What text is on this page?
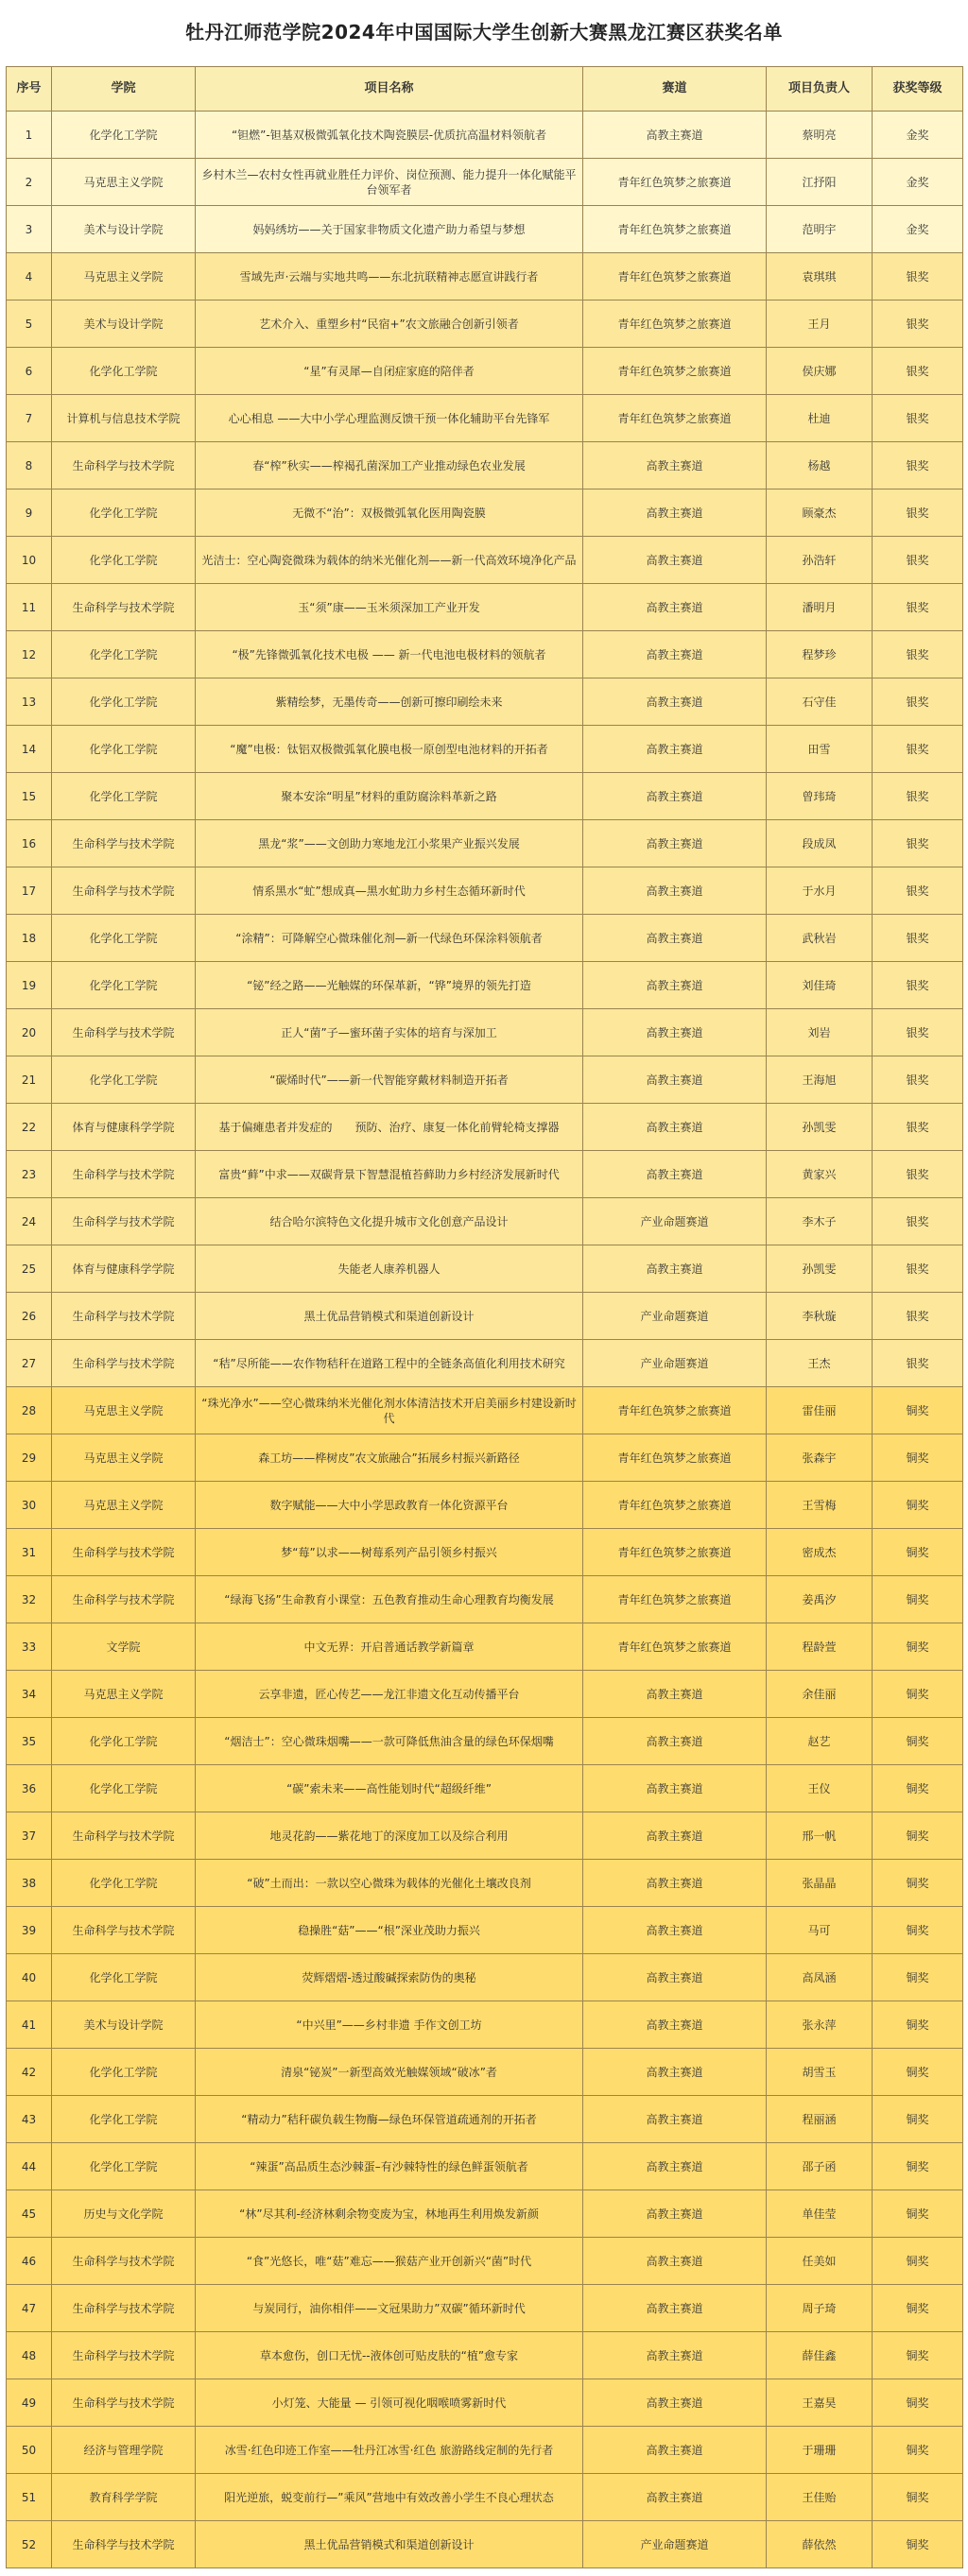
牡丹江师范学院2024年中国国际大学生创新大赛黑龙江赛区获奖名单
序号	学院	项目名称	赛道	项目负责人	获奖等级
1	化学化工学院	“钽燃”-钽基双极微弧氧化技术陶瓷膜层-优质抗高温材料领航者	高教主赛道	蔡明亮	金奖
2	马克思主义学院	乡村木兰—农村女性再就业胜任力评价、岗位预测、能力提升一体化赋能平台领军者	青年红色筑梦之旅赛道	江抒阳	金奖
3	美术与设计学院	妈妈绣坊——关于国家非物质文化遗产助力希望与梦想	青年红色筑梦之旅赛道	范明宇	金奖
4	马克思主义学院	雪域先声·云端与实地共鸣——东北抗联精神志愿宣讲践行者	青年红色筑梦之旅赛道	袁琪琪	银奖
5	美术与设计学院	艺术介入、重塑乡村“民宿+”农文旅融合创新引领者	青年红色筑梦之旅赛道	王月	银奖
6	化学化工学院	“星”有灵犀—自闭症家庭的陪伴者	青年红色筑梦之旅赛道	侯庆娜	银奖
7	计算机与信息技术学院	心心相息 ——大中小学心理监测反馈干预一体化辅助平台先锋军	青年红色筑梦之旅赛道	杜迪	银奖
8	生命科学与技术学院	春“榨”秋实——榨褐孔菌深加工产业推动绿色农业发展	高教主赛道	杨越	银奖
9	化学化工学院	无微不“治”：双极微弧氧化医用陶瓷膜	高教主赛道	顾豪杰	银奖
10	化学化工学院	光洁士：空心陶瓷微珠为载体的纳米光催化剂——新一代高效环境净化产品	高教主赛道	孙浩轩	银奖
11	生命科学与技术学院	玉“须”康——玉米须深加工产业开发	高教主赛道	潘明月	银奖
12	化学化工学院	“极”先锋微弧氧化技术电极 —— 新一代电池电极材料的领航者	高教主赛道	程梦珍	银奖
13	化学化工学院	紫精绘梦，无墨传奇——创新可擦印刷绘未来	高教主赛道	石守佳	银奖
14	化学化工学院	“魔”电极：钛铝双极微弧氧化膜电极一原创型电池材料的开拓者	高教主赛道	田雪	银奖
15	化学化工学院	聚本安涂“明星”材料的重防腐涂料革新之路	高教主赛道	曾玮琦	银奖
16	生命科学与技术学院	黑龙“浆”——文创助力寒地龙江小浆果产业振兴发展	高教主赛道	段成凤	银奖
17	生命科学与技术学院	情系黑水“虻”想成真—黑水虻助力乡村生态循环新时代	高教主赛道	于水月	银奖
18	化学化工学院	“涂精”：可降解空心微珠催化剂—新一代绿色环保涂料领航者	高教主赛道	武秋岩	银奖
19	化学化工学院	“铋”经之路——光触媒的环保革新，“铧”境界的领先打造	高教主赛道	刘佳琦	银奖
20	生命科学与技术学院	正人“菌”子—蜜环菌子实体的培育与深加工	高教主赛道	刘岩	银奖
21	化学化工学院	“碳烯时代”——新一代智能穿戴材料制造开拓者	高教主赛道	王海旭	银奖
22	体育与健康科学学院	基于偏瘫患者并发症的　　预防、治疗、康复一体化前臂轮椅支撑器	高教主赛道	孙凯雯	银奖
23	生命科学与技术学院	富贵“藓”中求——双碳背景下智慧混植苔藓助力乡村经济发展新时代	高教主赛道	黄家兴	银奖
24	生命科学与技术学院	结合哈尔滨特色文化提升城市文化创意产品设计	产业命题赛道	李木子	银奖
25	体育与健康科学学院	失能老人康养机器人	高教主赛道	孙凯雯	银奖
26	生命科学与技术学院	黑土优品营销模式和渠道创新设计	产业命题赛道	李秋璇	银奖
27	生命科学与技术学院	“秸”尽所能——农作物秸秆在道路工程中的全链条高值化利用技术研究	产业命题赛道	王杰	银奖
28	马克思主义学院	“珠光净水”——空心微珠纳米光催化剂水体清洁技术开启美丽乡村建设新时代	青年红色筑梦之旅赛道	雷佳丽	铜奖
29	马克思主义学院	森工坊——桦树皮”农文旅融合”拓展乡村振兴新路径	青年红色筑梦之旅赛道	张森宇	铜奖
30	马克思主义学院	数字赋能——大中小学思政教育一体化资源平台	青年红色筑梦之旅赛道	王雪梅	铜奖
31	生命科学与技术学院	梦“莓”以求——树莓系列产品引领乡村振兴	青年红色筑梦之旅赛道	密成杰	铜奖
32	生命科学与技术学院	“绿海飞扬”生命教育小课堂：五色教育推动生命心理教育均衡发展	青年红色筑梦之旅赛道	姜禹汐	铜奖
33	文学院	中文无界：开启普通话教学新篇章	青年红色筑梦之旅赛道	程龄萱	铜奖
34	马克思主义学院	云享非遗，匠心传艺——龙江非遗文化互动传播平台	高教主赛道	余佳丽	铜奖
35	化学化工学院	“烟洁士”：空心微珠烟嘴——一款可降低焦油含量的绿色环保烟嘴	高教主赛道	赵艺	铜奖
36	化学化工学院	“碳”索未来——高性能划时代“超级纤维”	高教主赛道	王仪	铜奖
37	生命科学与技术学院	地灵花韵——紫花地丁的深度加工以及综合利用	高教主赛道	邢一帆	铜奖
38	化学化工学院	“破”土而出：一款以空心微珠为载体的光催化土壤改良剂	高教主赛道	张晶晶	铜奖
39	生命科学与技术学院	稳操胜“菇”——“根”深业茂助力振兴	高教主赛道	马可	铜奖
40	化学化工学院	荧辉熠熠-透过酸碱探索防伪的奥秘	高教主赛道	高凤涵	铜奖
41	美术与设计学院	“中兴里”——乡村非遗 手作文创工坊	高教主赛道	张永萍	铜奖
42	化学化工学院	清泉“铋炭”一新型高效光触媒领域“破冰”者	高教主赛道	胡雪玉	铜奖
43	化学化工学院	“精动力”秸秆碳负载生物酶—绿色环保管道疏通剂的开拓者	高教主赛道	程丽涵	铜奖
44	化学化工学院	“辣蛋”高品质生态沙棘蛋–有沙棘特性的绿色鲜蛋领航者	高教主赛道	邵子函	铜奖
45	历史与文化学院	“林”尽其利-经济林剩余物变废为宝，林地再生利用焕发新颜	高教主赛道	单佳莹	铜奖
46	生命科学与技术学院	“食”光悠长，唯“菇”难忘——猴菇产业开创新兴“菌”时代	高教主赛道	任美如	铜奖
47	生命科学与技术学院	与炭同行，油你相伴——文冠果助力”双碳”循环新时代	高教主赛道	周子琦	铜奖
48	生命科学与技术学院	草本愈伤，创口无忧--液体创可贴皮肤的“植”愈专家	高教主赛道	薛佳鑫	铜奖
49	生命科学与技术学院	小灯笼、大能量 — 引领可视化咽喉喷雾新时代	高教主赛道	王嘉昊	铜奖
50	经济与管理学院	冰雪·红色印迹工作室——牡丹江冰雪·红色 旅游路线定制的先行者	高教主赛道	于珊珊	铜奖
51	教育科学学院	阳光逆旅，蜕变前行—”乘风”营地中有效改善小学生不良心理状态	高教主赛道	王佳贻	铜奖
52	生命科学与技术学院	黑土优品营销模式和渠道创新设计	产业命题赛道	薛依然	铜奖
